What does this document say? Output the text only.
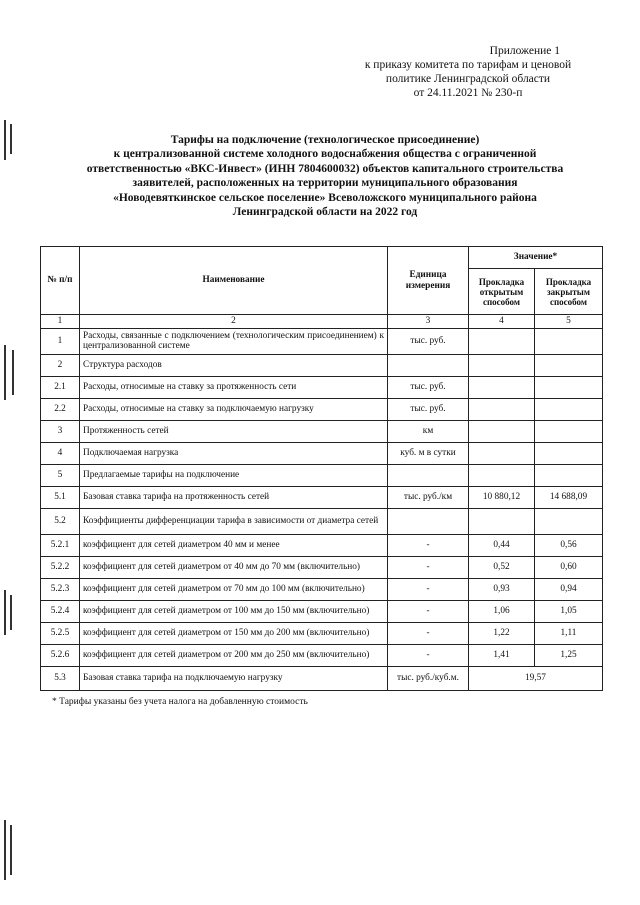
Приложение 1
к приказу комитета по тарифам и ценовой
политике Ленинградской области
от 24.11.2021 № 230-п
Тарифы на подключение (технологическое присоединение)
к централизованной системе холодного водоснабжения общества с ограниченной
ответственностью «ВКС-Инвест» (ИНН 7804600032) объектов капитального строительства
заявителей, расположенных на территории муниципального образования
«Новодевяткинское сельское поселение» Всеволожского муниципального района
Ленинградской области на 2022 год
№ п/п	Наименование	Единица измерения	Значение*	
			Прокладка открытым способом	Прокладка закрытым способом
1	2	3	4	5
1	Расходы, связанные с подключением (технологическим присоединением) к централизованной системе	тыс. руб.		
2	Структура расходов			
2.1	Расходы, относимые на ставку за протяженность сети	тыс. руб.		
2.2	Расходы, относимые на ставку за подключаемую нагрузку	тыс. руб.		
3	Протяженность сетей	км		
4	Подключаемая нагрузка	куб. м в сутки		
5	Предлагаемые тарифы на подключение			
5.1	Базовая ставка тарифа на протяженность сетей	тыс. руб./км	10 880,12	14 688,09
5.2	Коэффициенты дифференциации тарифа в зависимости от диаметра сетей			
5.2.1	коэффициент для сетей диаметром 40 мм и менее	-	0,44	0,56
5.2.2	коэффициент для сетей диаметром от 40 мм до 70 мм (включительно)	-	0,52	0,60
5.2.3	коэффициент для сетей диаметром от 70 мм до 100 мм (включительно)	-	0,93	0,94
5.2.4	коэффициент для сетей диаметром от 100 мм до 150 мм (включительно)	-	1,06	1,05
5.2.5	коэффициент для сетей диаметром от 150 мм до 200 мм (включительно)	-	1,22	1,11
5.2.6	коэффициент для сетей диаметром от 200 мм до 250 мм (включительно)	-	1,41	1,25
5.3	Базовая ставка тарифа на подключаемую нагрузку	тыс. руб./куб.м.	19,57	
* Тарифы указаны без учета налога на добавленную стоимость
